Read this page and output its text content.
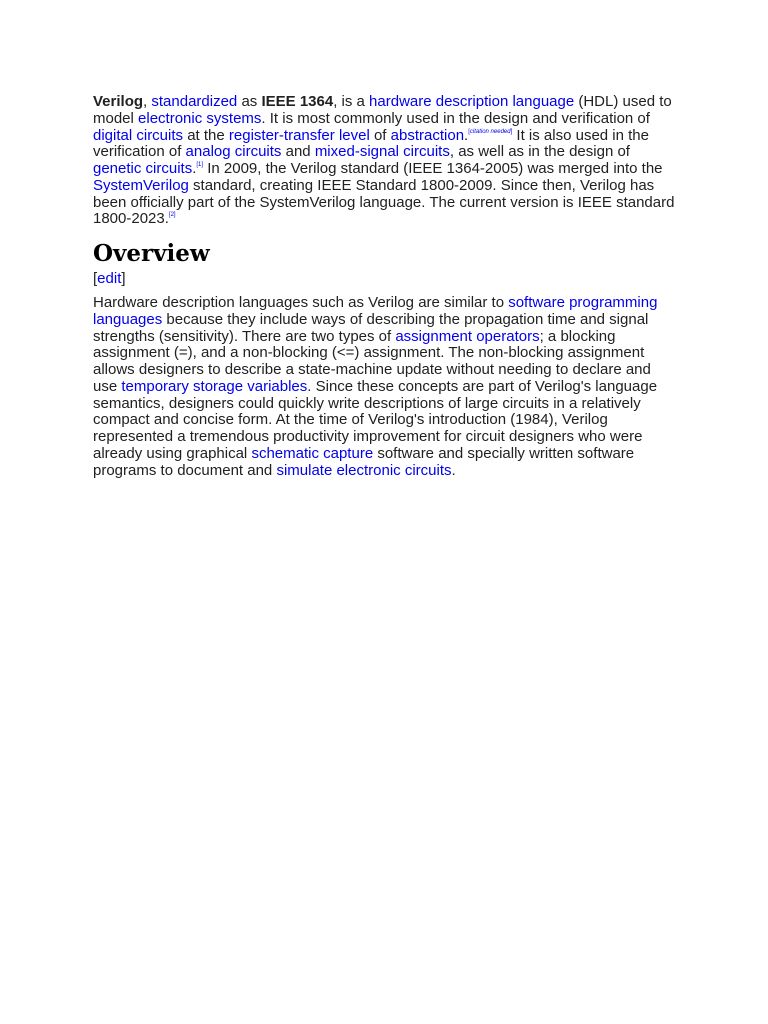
Verilog, standardized as IEEE 1364, is a hardware description language (HDL) used to model electronic systems. It is most commonly used in the design and verification of digital circuits at the register-transfer level of abstraction.[citation needed] It is also used in the verification of analog circuits and mixed-signal circuits, as well as in the design of genetic circuits.[1] In 2009, the Verilog standard (IEEE 1364-2005) was merged into the SystemVerilog standard, creating IEEE Standard 1800-2009. Since then, Verilog has been officially part of the SystemVerilog language. The current version is IEEE standard 1800-2023.[2]

Overview
[edit]

Hardware description languages such as Verilog are similar to software programming languages because they include ways of describing the propagation time and signal strengths (sensitivity). There are two types of assignment operators; a blocking assignment (=), and a non-blocking (<=) assignment. The non-blocking assignment allows designers to describe a state-machine update without needing to declare and use temporary storage variables. Since these concepts are part of Verilog's language semantics, designers could quickly write descriptions of large circuits in a relatively compact and concise form. At the time of Verilog's introduction (1984), Verilog represented a tremendous productivity improvement for circuit designers who were already using graphical schematic capture software and specially written software programs to document and simulate electronic circuits.
